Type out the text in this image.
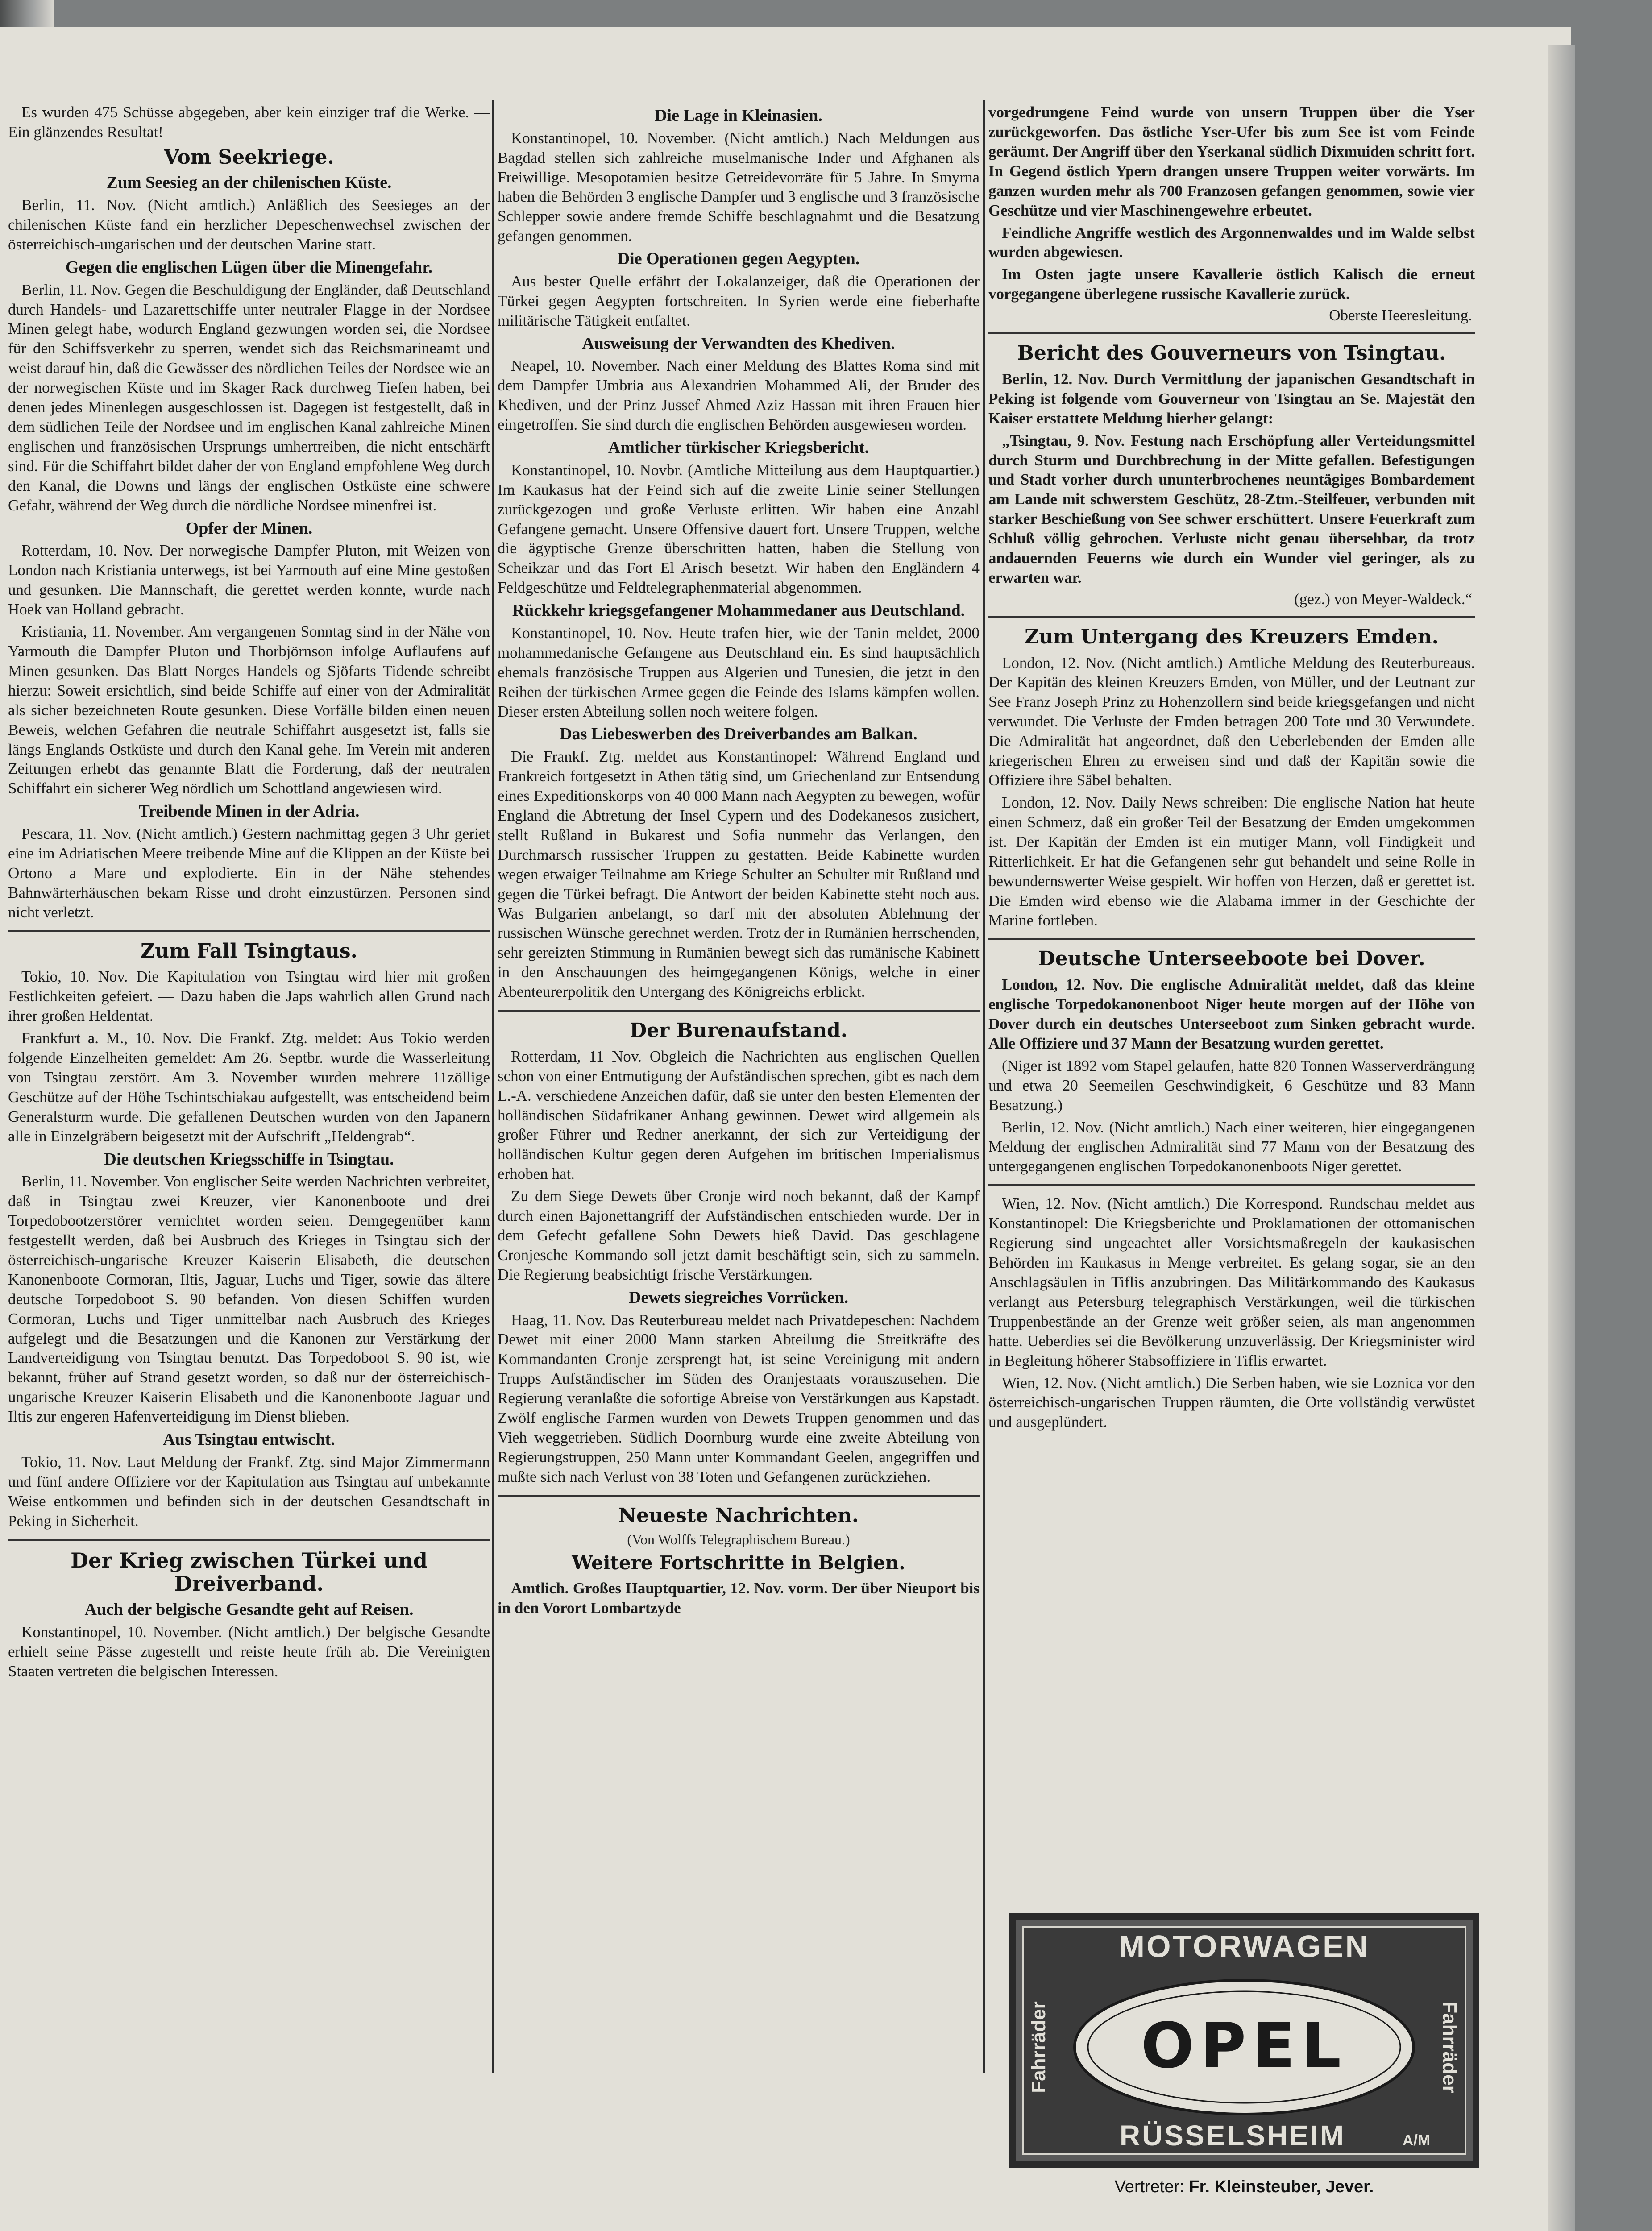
Es wurden 475 Schüsse abgegeben, aber kein einziger traf die Werke. — Ein glänzendes Resultat!

Vom Seekriege.
Zum Seesieg an der chilenischen Küste.

Berlin, 11. Nov. (Nicht amtlich.) Anläßlich des Seesieges an der chilenischen Küste fand ein herzlicher Depeschenwechsel zwischen der österreichisch-ungarischen und der deutschen Marine statt.

Gegen die englischen Lügen über die Minengefahr.

Berlin, 11. Nov. Gegen die Beschuldigung der Engländer, daß Deutschland durch Handels- und Lazarettschiffe unter neutraler Flagge in der Nordsee Minen gelegt habe, wodurch England gezwungen worden sei, die Nordsee für den Schiffsverkehr zu sperren, wendet sich das Reichsmarineamt und weist darauf hin, daß die Gewässer des nördlichen Teiles der Nordsee wie an der norwegischen Küste und im Skager Rack durchweg Tiefen haben, bei denen jedes Minenlegen ausgeschlossen ist. Dagegen ist festgestellt, daß in dem südlichen Teile der Nordsee und im englischen Kanal zahlreiche Minen englischen und französischen Ursprungs umhertreiben, die nicht entschärft sind. Für die Schiffahrt bildet daher der von England empfohlene Weg durch den Kanal, die Downs und längs der englischen Ostküste eine schwere Gefahr, während der Weg durch die nördliche Nordsee minenfrei ist.

Opfer der Minen.

Rotterdam, 10. Nov. Der norwegische Dampfer Pluton, mit Weizen von London nach Kristiania unterwegs, ist bei Yarmouth auf eine Mine gestoßen und gesunken. Die Mannschaft, die gerettet werden konnte, wurde nach Hoek van Holland gebracht.

Kristiania, 11. November. Am vergangenen Sonntag sind in der Nähe von Yarmouth die Dampfer Pluton und Thorbjörnson infolge Auflaufens auf Minen gesunken. Das Blatt Norges Handels og Sjöfarts Tidende schreibt hierzu: Soweit ersichtlich, sind beide Schiffe auf einer von der Admiralität als sicher bezeichneten Route gesunken. Diese Vorfälle bilden einen neuen Beweis, welchen Gefahren die neutrale Schiffahrt ausgesetzt ist, falls sie längs Englands Ostküste und durch den Kanal gehe. Im Verein mit anderen Zeitungen erhebt das genannte Blatt die Forderung, daß der neutralen Schiffahrt ein sicherer Weg nördlich um Schottland angewiesen wird.

Treibende Minen in der Adria.

Pescara, 11. Nov. (Nicht amtlich.) Gestern nachmittag gegen 3 Uhr geriet eine im Adriatischen Meere treibende Mine auf die Klippen an der Küste bei Ortono a Mare und explodierte. Ein in der Nähe stehendes Bahnwärterhäuschen bekam Risse und droht einzustürzen. Personen sind nicht verletzt.

Zum Fall Tsingtaus.

Tokio, 10. Nov. Die Kapitulation von Tsingtau wird hier mit großen Festlichkeiten gefeiert. — Dazu haben die Japs wahrlich allen Grund nach ihrer großen Heldentat.

Frankfurt a. M., 10. Nov. Die Frankf. Ztg. meldet: Aus Tokio werden folgende Einzelheiten gemeldet: Am 26. Septbr. wurde die Wasserleitung von Tsingtau zerstört. Am 3. November wurden mehrere 11zöllige Geschütze auf der Höhe Tschintschiakau aufgestellt, was entscheidend beim Generalsturm wurde. Die gefallenen Deutschen wurden von den Japanern alle in Einzelgräbern beigesetzt mit der Aufschrift „Heldengrab“.

Die deutschen Kriegsschiffe in Tsingtau.

Berlin, 11. November. Von englischer Seite werden Nachrichten verbreitet, daß in Tsingtau zwei Kreuzer, vier Kanonenboote und drei Torpedobootzerstörer vernichtet worden seien. Demgegenüber kann festgestellt werden, daß bei Ausbruch des Krieges in Tsingtau sich der österreichisch-ungarische Kreuzer Kaiserin Elisabeth, die deutschen Kanonenboote Cormoran, Iltis, Jaguar, Luchs und Tiger, sowie das ältere deutsche Torpedoboot S. 90 befanden. Von diesen Schiffen wurden Cormoran, Luchs und Tiger unmittelbar nach Ausbruch des Krieges aufgelegt und die Besatzungen und die Kanonen zur Verstärkung der Landverteidigung von Tsingtau benutzt. Das Torpedoboot S. 90 ist, wie bekannt, früher auf Strand gesetzt worden, so daß nur der österreichisch-ungarische Kreuzer Kaiserin Elisabeth und die Kanonenboote Jaguar und Iltis zur engeren Hafenverteidigung im Dienst blieben.

Aus Tsingtau entwischt.

Tokio, 11. Nov. Laut Meldung der Frankf. Ztg. sind Major Zimmermann und fünf andere Offiziere vor der Kapitulation aus Tsingtau auf unbekannte Weise entkommen und befinden sich in der deutschen Gesandtschaft in Peking in Sicherheit.

Der Krieg zwischen Türkei und Dreiverband.
Auch der belgische Gesandte geht auf Reisen.

Konstantinopel, 10. November. (Nicht amtlich.) Der belgische Gesandte erhielt seine Pässe zugestellt und reiste heute früh ab. Die Vereinigten Staaten vertreten die belgischen Interessen.

Die Lage in Kleinasien.

Konstantinopel, 10. November. (Nicht amtlich.) Nach Meldungen aus Bagdad stellen sich zahlreiche muselmanische Inder und Afghanen als Freiwillige. Mesopotamien besitze Getreidevorräte für 5 Jahre. In Smyrna haben die Behörden 3 englische Dampfer und 3 englische und 3 französische Schlepper sowie andere fremde Schiffe beschlagnahmt und die Besatzung gefangen genommen.

Die Operationen gegen Aegypten.

Aus bester Quelle erfährt der Lokalanzeiger, daß die Operationen der Türkei gegen Aegypten fortschreiten. In Syrien werde eine fieberhafte militärische Tätigkeit entfaltet.

Ausweisung der Verwandten des Khediven.

Neapel, 10. November. Nach einer Meldung des Blattes Roma sind mit dem Dampfer Umbria aus Alexandrien Mohammed Ali, der Bruder des Khediven, und der Prinz Jussef Ahmed Aziz Hassan mit ihren Frauen hier eingetroffen. Sie sind durch die englischen Behörden ausgewiesen worden.

Amtlicher türkischer Kriegsbericht.

Konstantinopel, 10. Novbr. (Amtliche Mitteilung aus dem Hauptquartier.) Im Kaukasus hat der Feind sich auf die zweite Linie seiner Stellungen zurückgezogen und große Verluste erlitten. Wir haben eine Anzahl Gefangene gemacht. Unsere Offensive dauert fort. Unsere Truppen, welche die ägyptische Grenze überschritten hatten, haben die Stellung von Scheikzar und das Fort El Arisch besetzt. Wir haben den Engländern 4 Feldgeschütze und Feldtelegraphenmaterial abgenommen.

Rückkehr kriegsgefangener Mohammedaner aus Deutschland.

Konstantinopel, 10. Nov. Heute trafen hier, wie der Tanin meldet, 2000 mohammedanische Gefangene aus Deutschland ein. Es sind hauptsächlich ehemals französische Truppen aus Algerien und Tunesien, die jetzt in den Reihen der türkischen Armee gegen die Feinde des Islams kämpfen wollen. Dieser ersten Abteilung sollen noch weitere folgen.

Das Liebeswerben des Dreiverbandes am Balkan.

Die Frankf. Ztg. meldet aus Konstantinopel: Während England und Frankreich fortgesetzt in Athen tätig sind, um Griechenland zur Entsendung eines Expeditionskorps von 40 000 Mann nach Aegypten zu bewegen, wofür England die Abtretung der Insel Cypern und des Dodekanesos zusichert, stellt Rußland in Bukarest und Sofia nunmehr das Verlangen, den Durchmarsch russischer Truppen zu gestatten. Beide Kabinette wurden wegen etwaiger Teilnahme am Kriege Schulter an Schulter mit Rußland und gegen die Türkei befragt. Die Antwort der beiden Kabinette steht noch aus. Was Bulgarien anbelangt, so darf mit der absoluten Ablehnung der russischen Wünsche gerechnet werden. Trotz der in Rumänien herrschenden, sehr gereizten Stimmung in Rumänien bewegt sich das rumänische Kabinett in den Anschauungen des heimgegangenen Königs, welche in einer Abenteurerpolitik den Untergang des Königreichs erblickt.

Der Burenaufstand.

Rotterdam, 11 Nov. Obgleich die Nachrichten aus englischen Quellen schon von einer Entmutigung der Aufständischen sprechen, gibt es nach dem L.-A. verschiedene Anzeichen dafür, daß sie unter den besten Elementen der holländischen Südafrikaner Anhang gewinnen. Dewet wird allgemein als großer Führer und Redner anerkannt, der sich zur Verteidigung der holländischen Kultur gegen deren Aufgehen im britischen Imperialismus erhoben hat.

Zu dem Siege Dewets über Cronje wird noch bekannt, daß der Kampf durch einen Bajonettangriff der Aufständischen entschieden wurde. Der in dem Gefecht gefallene Sohn Dewets hieß David. Das geschlagene Cronjesche Kommando soll jetzt damit beschäftigt sein, sich zu sammeln. Die Regierung beabsichtigt frische Verstärkungen.

Dewets siegreiches Vorrücken.

Haag, 11. Nov. Das Reuterbureau meldet nach Privatdepeschen: Nachdem Dewet mit einer 2000 Mann starken Abteilung die Streitkräfte des Kommandanten Cronje zersprengt hat, ist seine Vereinigung mit andern Trupps Aufständischer im Süden des Oranjestaats vorauszusehen. Die Regierung veranlaßte die sofortige Abreise von Verstärkungen aus Kapstadt. Zwölf englische Farmen wurden von Dewets Truppen genommen und das Vieh weggetrieben. Südlich Doornburg wurde eine zweite Abteilung von Regierungstruppen, 250 Mann unter Kommandant Geelen, angegriffen und mußte sich nach Verlust von 38 Toten und Gefangenen zurückziehen.

Neueste Nachrichten.
(Von Wolffs Telegraphischem Bureau.)
Weitere Fortschritte in Belgien.

Amtlich. Großes Hauptquartier, 12. Nov. vorm. Der über Nieuport bis in den Vorort Lombartzyde

vorgedrungene Feind wurde von unsern Truppen über die Yser zurückgeworfen. Das östliche Yser-Ufer bis zum See ist vom Feinde geräumt. Der Angriff über den Yserkanal südlich Dixmuiden schritt fort. In Gegend östlich Ypern drangen unsere Truppen weiter vorwärts. Im ganzen wurden mehr als 700 Franzosen gefangen genommen, sowie vier Geschütze und vier Maschinengewehre erbeutet.

Feindliche Angriffe westlich des Argonnenwaldes und im Walde selbst wurden abgewiesen.

Im Osten jagte unsere Kavallerie östlich Kalisch die erneut vorgegangene überlegene russische Kavallerie zurück.

Oberste Heeresleitung.
Bericht des Gouverneurs von Tsingtau.

Berlin, 12. Nov. Durch Vermittlung der japanischen Gesandtschaft in Peking ist folgende vom Gouverneur von Tsingtau an Se. Majestät den Kaiser erstattete Meldung hierher gelangt:

„Tsingtau, 9. Nov. Festung nach Erschöpfung aller Verteidungsmittel durch Sturm und Durchbrechung in der Mitte gefallen. Befestigungen und Stadt vorher durch ununterbrochenes neuntägiges Bombardement am Lande mit schwerstem Geschütz, 28-Ztm.-Steilfeuer, verbunden mit starker Beschießung von See schwer erschüttert. Unsere Feuerkraft zum Schluß völlig gebrochen. Verluste nicht genau übersehbar, da trotz andauernden Feuerns wie durch ein Wunder viel geringer, als zu erwarten war.

(gez.) von Meyer-Waldeck.“
Zum Untergang des Kreuzers Emden.

London, 12. Nov. (Nicht amtlich.) Amtliche Meldung des Reuterbureaus. Der Kapitän des kleinen Kreuzers Emden, von Müller, und der Leutnant zur See Franz Joseph Prinz zu Hohenzollern sind beide kriegsgefangen und nicht verwundet. Die Verluste der Emden betragen 200 Tote und 30 Verwundete. Die Admiralität hat angeordnet, daß den Ueberlebenden der Emden alle kriegerischen Ehren zu erweisen sind und daß der Kapitän sowie die Offiziere ihre Säbel behalten.

London, 12. Nov. Daily News schreiben: Die englische Nation hat heute einen Schmerz, daß ein großer Teil der Besatzung der Emden umgekommen ist. Der Kapitän der Emden ist ein mutiger Mann, voll Findigkeit und Ritterlichkeit. Er hat die Gefangenen sehr gut behandelt und seine Rolle in bewundernswerter Weise gespielt. Wir hoffen von Herzen, daß er gerettet ist. Die Emden wird ebenso wie die Alabama immer in der Geschichte der Marine fortleben.

Deutsche Unterseeboote bei Dover.

London, 12. Nov. Die englische Admiralität meldet, daß das kleine englische Torpedokanonenboot Niger heute morgen auf der Höhe von Dover durch ein deutsches Unterseeboot zum Sinken gebracht wurde. Alle Offiziere und 37 Mann der Besatzung wurden gerettet.

(Niger ist 1892 vom Stapel gelaufen, hatte 820 Tonnen Wasserverdrängung und etwa 20 Seemeilen Geschwindigkeit, 6 Geschütze und 83 Mann Besatzung.)

Berlin, 12. Nov. (Nicht amtlich.) Nach einer weiteren, hier eingegangenen Meldung der englischen Admiralität sind 77 Mann von der Besatzung des untergegangenen englischen Torpedokanonenboots Niger gerettet.

Wien, 12. Nov. (Nicht amtlich.) Die Korrespond. Rundschau meldet aus Konstantinopel: Die Kriegsberichte und Proklamationen der ottomanischen Regierung sind ungeachtet aller Vorsichtsmaßregeln der kaukasischen Behörden im Kaukasus in Menge verbreitet. Es gelang sogar, sie an den Anschlagsäulen in Tiflis anzubringen. Das Militärkommando des Kaukasus verlangt aus Petersburg telegraphisch Verstärkungen, weil die türkischen Truppenbestände an der Grenze weit größer seien, als man angenommen hatte. Ueberdies sei die Bevölkerung unzuverlässig. Der Kriegsminister wird in Begleitung höherer Stabsoffiziere in Tiflis erwartet.

Wien, 12. Nov. (Nicht amtlich.) Die Serben haben, wie sie Loznica vor den österreichisch-ungarischen Truppen räumten, die Orte vollständig verwüstet und ausgeplündert.

MOTORWAGEN
Fahrräder	Fahrräder
OPEL
RÜSSELSHEIM	A/M
Vertreter: Fr. Kleinsteuber, Jever.
